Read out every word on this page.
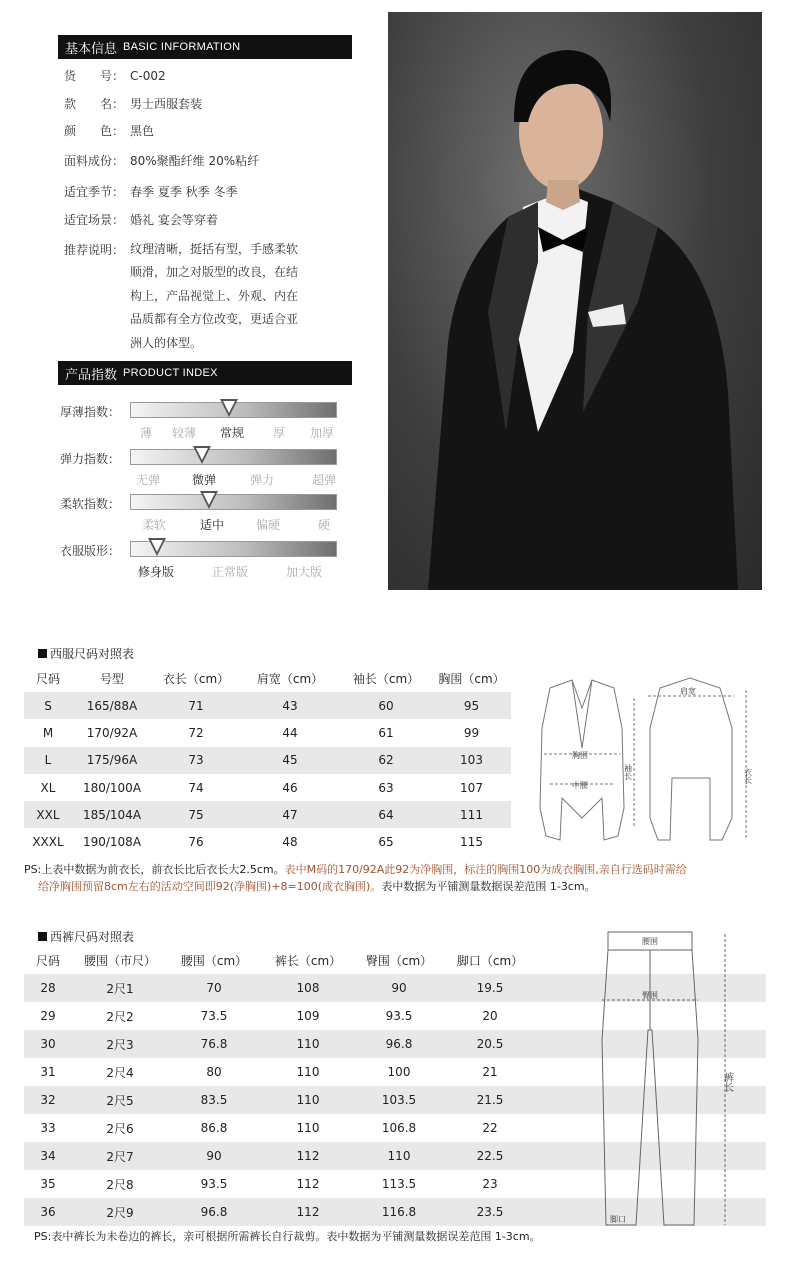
基本信息 BASIC INFORMATION
货　　号： C-002
款　　名： 男士西服套装
颜　　色： 黑色
面料成份： 80%聚酯纤维 20%粘纤
适宜季节： 春季 夏季 秋季 冬季
适宜场景： 婚礼 宴会等穿着
推荐说明： 纹理清晰，挺括有型，手感柔软
顺滑，加之对版型的改良，在结
构上，产品视觉上、外观、内在
品质都有全方位改变，更适合亚
洲人的体型。
产品指数 PRODUCT INDEX
厚薄指数：
薄 较薄 常规 厚 加厚
弹力指数：
无弹	微弹	弹力	超弹
柔软指数：
柔软	适中	偏硬	硬
衣服版形：
修身版	正常版	加大版
西服尺码对照表
尺码	号型	衣长（cm）	肩宽（cm）	袖长（cm）	胸围（cm）
S	165/88A	71	43	60	95
M	170/92A	72	44	61	99
L	175/96A	73	45	62	103
XL	180/100A	74	46	63	107
XXL	185/104A	75	47	64	111
XXXL	190/108A	76	48	65	115
胸围
中腰
肩宽
袖长	衣长
PS:上表中数据为前衣长，前衣长比后衣长大2.5cm。表中M码的170/92A此92为净胸围，标注的胸围100为成衣胸围,亲自行选码时需给
给净胸围预留8cm左右的活动空间即92(净胸围)+8=100(成衣胸围)。表中数据为平铺测量数据误差范围 1-3cm。
西裤尺码对照表
尺码	腰围（市尺）	腰围（cm）	裤长（cm）	臀围（cm）	脚口（cm）	
28	2尺1	70	108	90	19.5	
29	2尺2	73.5	109	93.5	20	
30	2尺3	76.8	110	96.8	20.5	
31	2尺4	80	110	100	21	
32	2尺5	83.5	110	103.5	21.5	
33	2尺6	86.8	110	106.8	22	
34	2尺7	90	112	110	22.5	
35	2尺8	93.5	112	113.5	23	
36	2尺9	96.8	112	116.8	23.5	
腰围
臀围
裤长
脚口
PS:表中裤长为未卷边的裤长，亲可根据所需裤长自行裁剪。表中数据为平铺测量数据误差范围 1-3cm。
